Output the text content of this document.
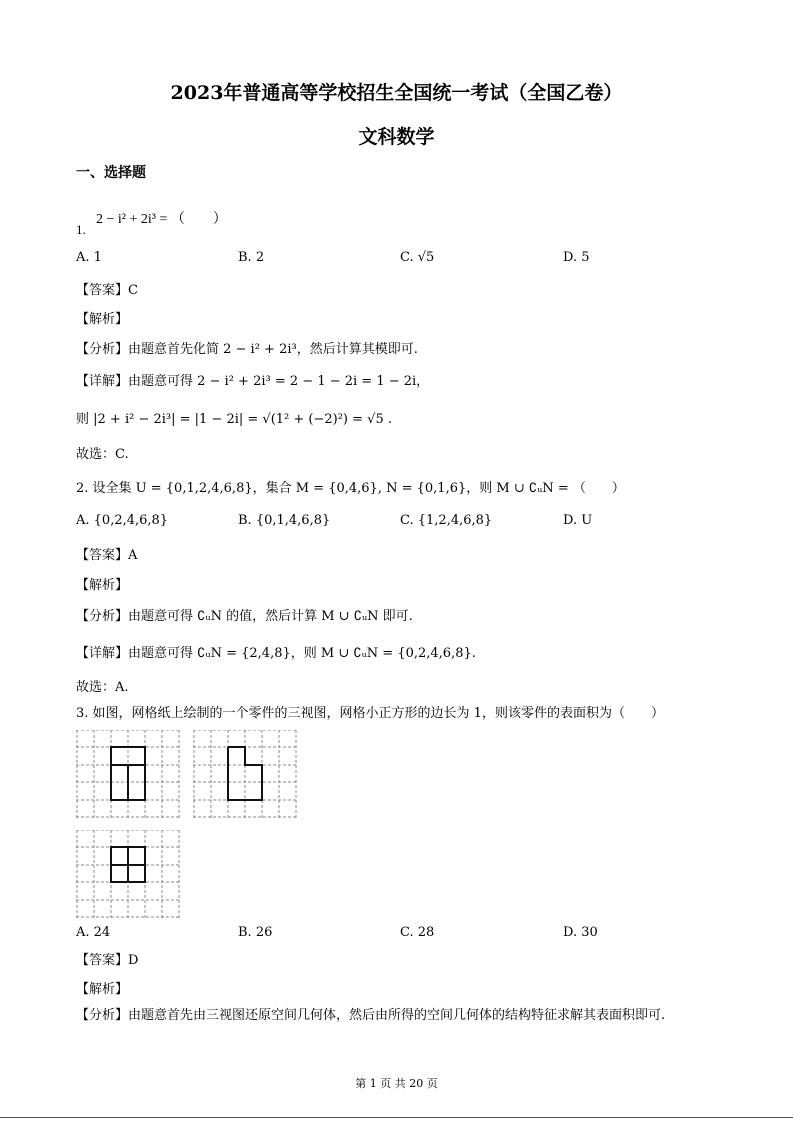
2023年普通高等学校招生全国统一考试（全国乙卷）
文科数学
一、选择题
1.
2 − i² + 2i³ = （　　）
A. 1	B. 2	C. √5	D. 5
【答案】C
【解析】
【分析】由题意首先化简 2 − i² + 2i³，然后计算其模即可.
【详解】由题意可得 2 − i² + 2i³ = 2 − 1 − 2i = 1 − 2i，
则 |2 + i² − 2i³| = |1 − 2i| = √(1² + (−2)²) = √5 .
故选：C.
2. 设全集 U = {0,1,2,4,6,8}，集合 M = {0,4,6}, N = {0,1,6}，则 M ∪ ∁ᵤN = （　　）
A. {0,2,4,6,8}	B. {0,1,4,6,8}	C. {1,2,4,6,8}	D. U
【答案】A
【解析】
【分析】由题意可得 ∁ᵤN 的值，然后计算 M ∪ ∁ᵤN 即可.
【详解】由题意可得 ∁ᵤN = {2,4,8}，则 M ∪ ∁ᵤN = {0,2,4,6,8}.
故选：A.
3. 如图，网格纸上绘制的一个零件的三视图，网格小正方形的边长为 1，则该零件的表面积为（　　）
A. 24	B. 26	C. 28	D. 30
【答案】D
【解析】
【分析】由题意首先由三视图还原空间几何体，然后由所得的空间几何体的结构特征求解其表面积即可.
第 1 页 共 20 页
